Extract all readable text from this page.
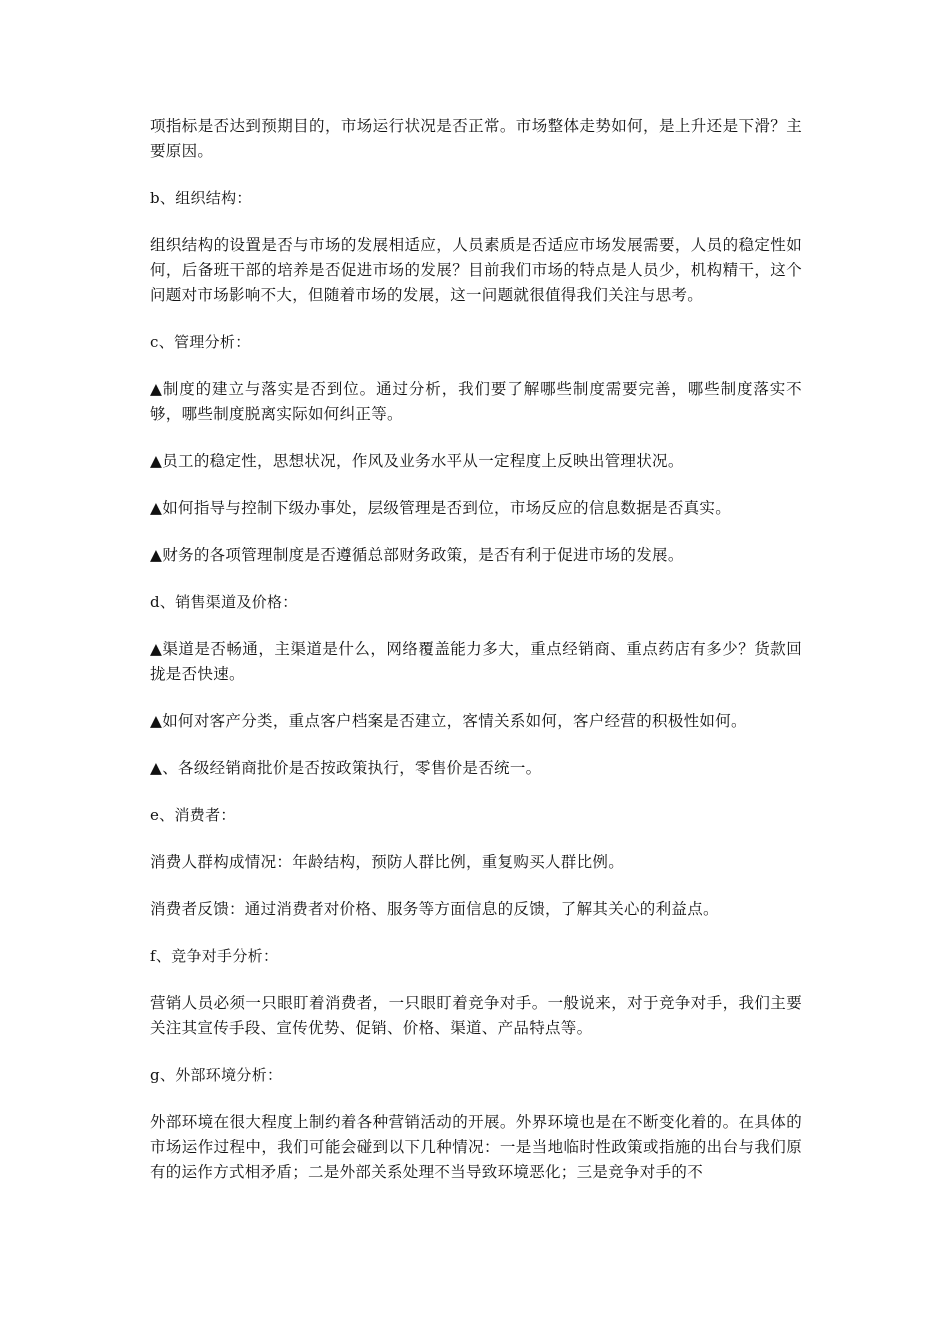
项指标是否达到预期目的，市场运行状况是否正常。市场整体走势如何，是上升还是下滑？主要原因。

b、组织结构：

组织结构的设置是否与市场的发展相适应，人员素质是否适应市场发展需要，人员的稳定性如何，后备班干部的培养是否促进市场的发展？目前我们市场的特点是人员少，机构精干，这个问题对市场影响不大，但随着市场的发展，这一问题就很值得我们关注与思考。

c、管理分析：

▲制度的建立与落实是否到位。通过分析，我们要了解哪些制度需要完善，哪些制度落实不够，哪些制度脱离实际如何纠正等。

▲员工的稳定性，思想状况，作风及业务水平从一定程度上反映出管理状况。

▲如何指导与控制下级办事处，层级管理是否到位，市场反应的信息数据是否真实。

▲财务的各项管理制度是否遵循总部财务政策，是否有利于促进市场的发展。

d、销售渠道及价格：

▲渠道是否畅通，主渠道是什么，网络覆盖能力多大，重点经销商、重点药店有多少？货款回拢是否快速。

▲如何对客产分类，重点客户档案是否建立，客情关系如何，客户经营的积极性如何。

▲、各级经销商批价是否按政策执行，零售价是否统一。

e、消费者：

消费人群构成情况：年龄结构，预防人群比例，重复购买人群比例。

消费者反馈：通过消费者对价格、服务等方面信息的反馈，了解其关心的利益点。

f、竞争对手分析：

营销人员必须一只眼盯着消费者，一只眼盯着竞争对手。一般说来，对于竞争对手，我们主要关注其宣传手段、宣传优势、促销、价格、渠道、产品特点等。

g、外部环境分析：

外部环境在很大程度上制约着各种营销活动的开展。外界环境也是在不断变化着的。在具体的市场运作过程中，我们可能会碰到以下几种情况：一是当地临时性政策或指施的出台与我们原有的运作方式相矛盾；二是外部关系处理不当导致环境恶化；三是竞争对手的不
